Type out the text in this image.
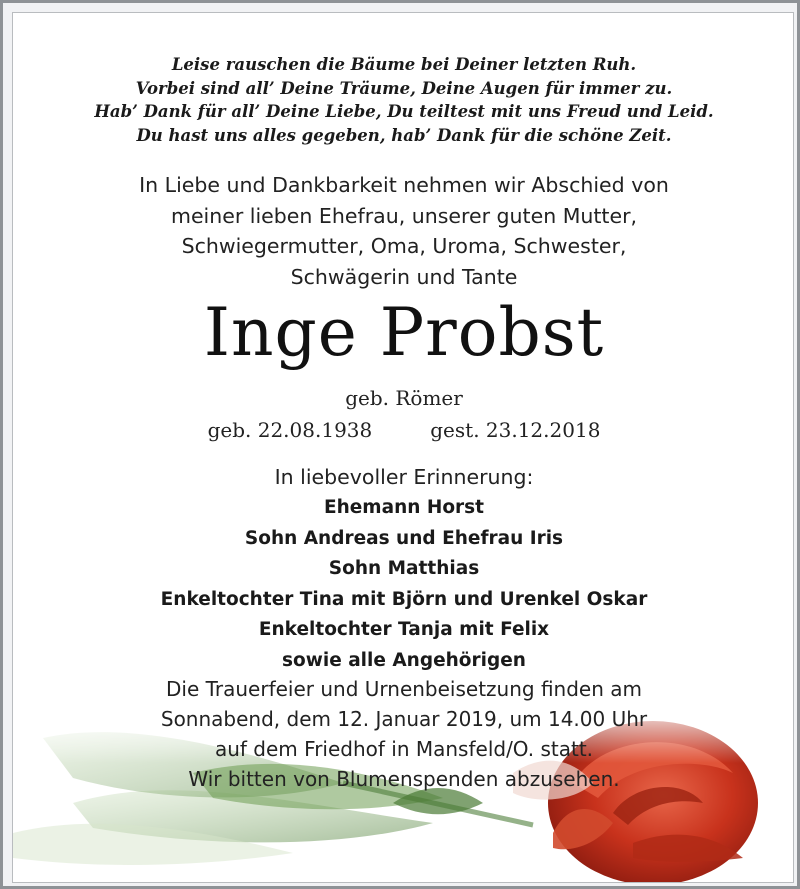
Leise rauschen die Bäume bei Deiner letzten Ruh.
Vorbei sind all’ Deine Träume, Deine Augen für immer zu.
Hab’ Dank für all’ Deine Liebe, Du teiltest mit uns Freud und Leid.
Du hast uns alles gegeben, hab’ Dank für die schöne Zeit.
In Liebe und Dankbarkeit nehmen wir Abschied von
meiner lieben Ehefrau, unserer guten Mutter,
Schwiegermutter, Oma, Uroma, Schwester,
Schwägerin und Tante
Inge Probst
geb. Römer
geb. 22.08.1938	gest. 23.12.2018
In liebevoller Erinnerung:
Ehemann Horst
Sohn Andreas und Ehefrau Iris
Sohn Matthias
Enkeltochter Tina mit Björn und Urenkel Oskar
Enkeltochter Tanja mit Felix
sowie alle Angehörigen
Die Trauerfeier und Urnenbeisetzung finden am
Sonnabend, dem 12. Januar 2019, um 14.00 Uhr
auf dem Friedhof in Mansfeld/O. statt.
Wir bitten von Blumenspenden abzusehen.
